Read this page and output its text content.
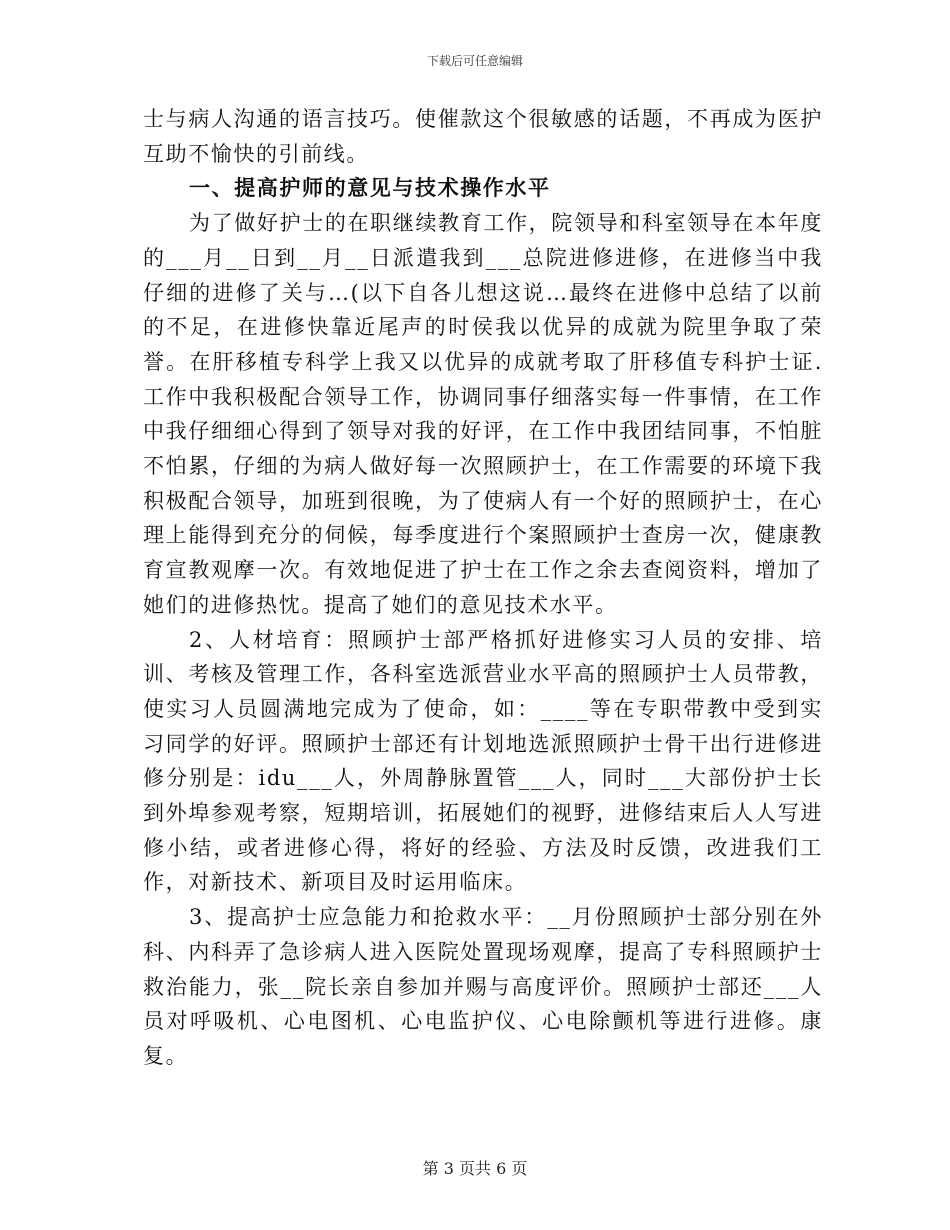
下载后可任意编辑

士与病人沟通的语言技巧。使催款这个很敏感的话题，不再成为医护互助不愉快的引前线。

一、提高护师的意见与技术操作水平

为了做好护士的在职继续教育工作，院领导和科室领导在本年度的___月__日到__月__日派遣我到___总院进修进修，在进修当中我仔细的进修了关与…(以下自各儿想这说…最终在进修中总结了以前的不足，在进修快靠近尾声的时侯我以优异的成就为院里争取了荣誉。在肝移植专科学上我又以优异的成就考取了肝移值专科护士证.工作中我积极配合领导工作，协调同事仔细落实每一件事情，在工作中我仔细细心得到了领导对我的好评，在工作中我团结同事，不怕脏不怕累，仔细的为病人做好每一次照顾护士，在工作需要的环境下我积极配合领导，加班到很晚，为了使病人有一个好的照顾护士，在心理上能得到充分的伺候，每季度进行个案照顾护士查房一次，健康教育宣教观摩一次。有效地促进了护士在工作之余去查阅资料，增加了她们的进修热忱。提高了她们的意见技术水平。

2、人材培育：照顾护士部严格抓好进修实习人员的安排、培训、考核及管理工作，各科室选派营业水平高的照顾护士人员带教，使实习人员圆满地完成为了使命，如：____等在专职带教中受到实习同学的好评。照顾护士部还有计划地选派照顾护士骨干出行进修进修分别是：idu___人，外周静脉置管___人，同时___大部份护士长到外埠参观考察，短期培训，拓展她们的视野，进修结束后人人写进修小结，或者进修心得，将好的经验、方法及时反馈，改进我们工作，对新技术、新项目及时运用临床。

3、提高护士应急能力和抢救水平：__月份照顾护士部分别在外科、内科弄了急诊病人进入医院处置现场观摩，提高了专科照顾护士救治能力，张__院长亲自参加并赐与高度评价。照顾护士部还___人员对呼吸机、心电图机、心电监护仪、心电除颤机等进行进修。康复。

第 3 页共 6 页
